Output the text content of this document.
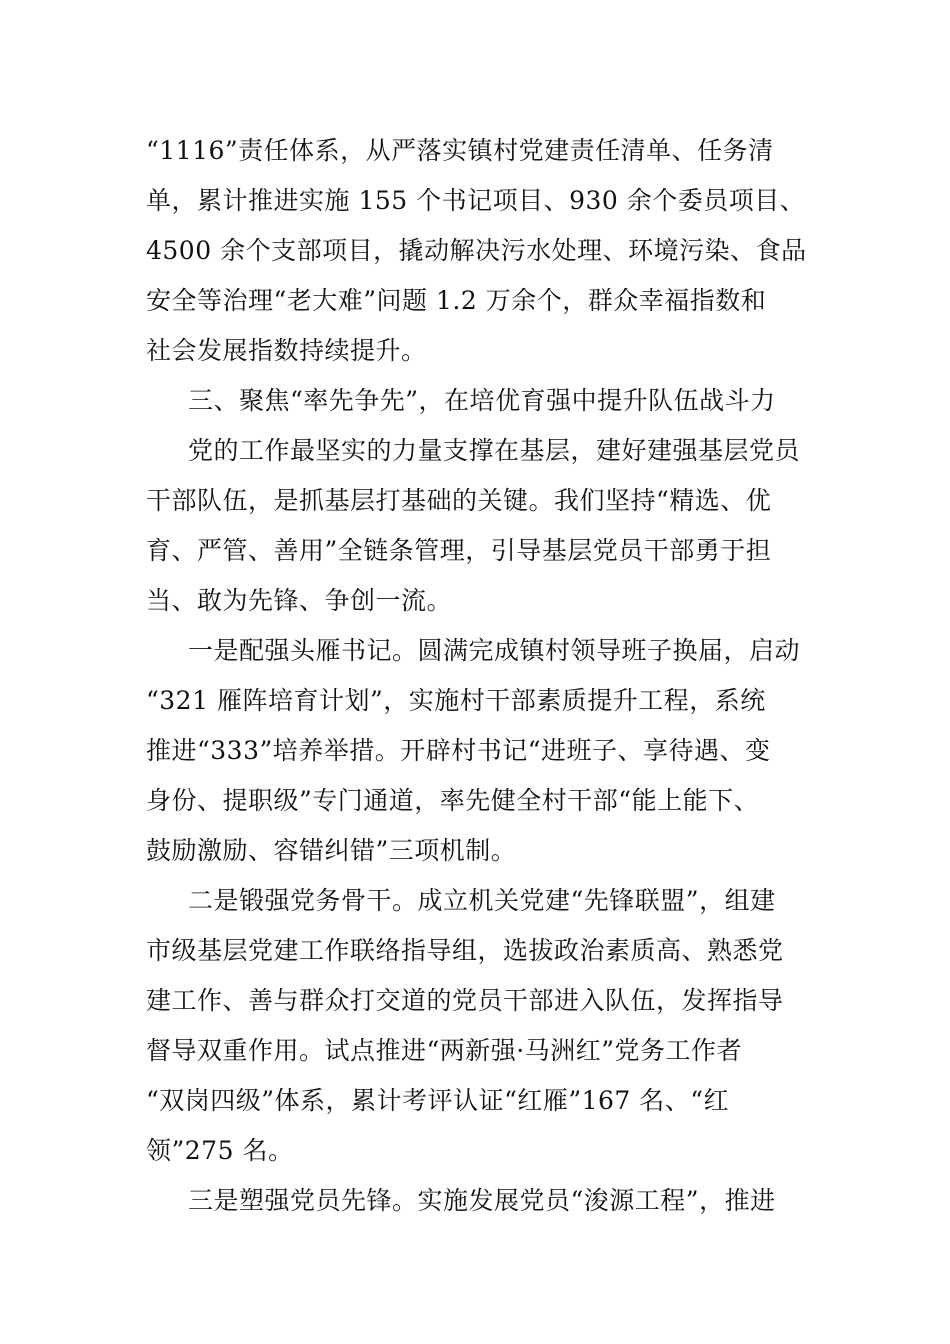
“1116”责任体系，从严落实镇村党建责任清单、任务清
单，累计推进实施 155 个书记项目、930 余个委员项目、
4500 余个支部项目，撬动解决污水处理、环境污染、食品
安全等治理“老大难”问题 1.2 万余个，群众幸福指数和
社会发展指数持续提升。
三、聚焦“率先争先”，在培优育强中提升队伍战斗力
党的工作最坚实的力量支撑在基层，建好建强基层党员
干部队伍，是抓基层打基础的关键。我们坚持“精选、优
育、严管、善用”全链条管理，引导基层党员干部勇于担
当、敢为先锋、争创一流。
一是配强头雁书记。圆满完成镇村领导班子换届，启动
“321 雁阵培育计划”，实施村干部素质提升工程，系统
推进“333”培养举措。开辟村书记“进班子、享待遇、变
身份、提职级”专门通道，率先健全村干部“能上能下、
鼓励激励、容错纠错”三项机制。
二是锻强党务骨干。成立机关党建“先锋联盟”，组建
市级基层党建工作联络指导组，选拔政治素质高、熟悉党
建工作、善与群众打交道的党员干部进入队伍，发挥指导
督导双重作用。试点推进“两新强·马洲红”党务工作者
“双岗四级”体系，累计考评认证“红雁”167 名、“红
领”275 名。
三是塑强党员先锋。实施发展党员“浚源工程”，推进
